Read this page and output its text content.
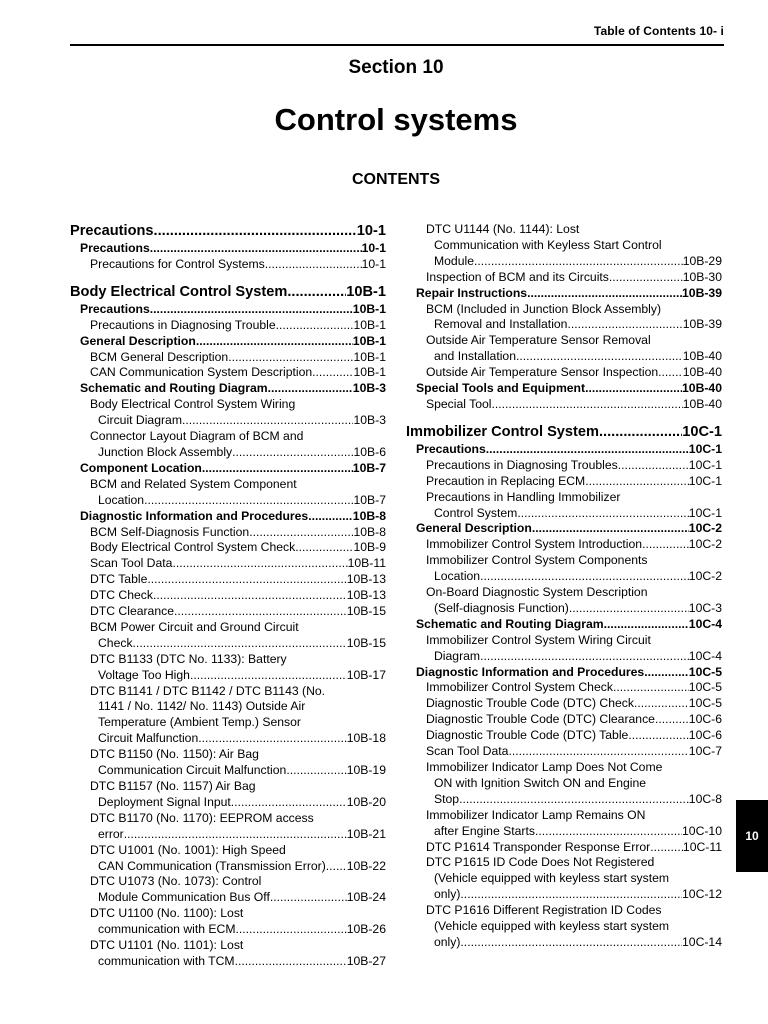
Table of Contents 10- i
Section 10
Control systems
CONTENTS
Precautions .....	10-1
Precautions .....	10-1
Precautions for Control Systems .....	10-1
Body Electrical Control System .....	10B-1
Precautions .....	10B-1
Precautions in Diagnosing Trouble .....	10B-1
General Description .....	10B-1
BCM General Description .....	10B-1
CAN Communication System Description .....	10B-1
Schematic and Routing Diagram .....	10B-3
Body Electrical Control System Wiring
Circuit Diagram .....	10B-3
Connector Layout Diagram of BCM and
Junction Block Assembly .....	10B-6
Component Location .....	10B-7
BCM and Related System Component
Location .....	10B-7
Diagnostic Information and Procedures .....	10B-8
BCM Self-Diagnosis Function .....	10B-8
Body Electrical Control System Check .....	10B-9
Scan Tool Data .....	10B-11
DTC Table .....	10B-13
DTC Check .....	10B-13
DTC Clearance .....	10B-15
BCM Power Circuit and Ground Circuit
Check .....	10B-15
DTC B1133 (DTC No. 1133): Battery
Voltage Too High .....	10B-17
DTC B1141 / DTC B1142 / DTC B1143 (No.
1141 / No. 1142/ No. 1143) Outside Air
Temperature (Ambient Temp.) Sensor
Circuit Malfunction .....	10B-18
DTC B1150 (No. 1150): Air Bag
Communication Circuit Malfunction .....	10B-19
DTC B1157 (No. 1157) Air Bag
Deployment Signal Input .....	10B-20
DTC B1170 (No. 1170): EEPROM access
error .....	10B-21
DTC U1001 (No. 1001): High Speed
CAN Communication (Transmission Error) ..... 10B-22
DTC U1073 (No. 1073): Control
Module Communication Bus Off .....	10B-24
DTC U1100 (No. 1100): Lost
communication with ECM .....	10B-26
DTC U1101 (No. 1101): Lost
communication with TCM .....	10B-27
DTC U1144 (No. 1144): Lost
Communication with Keyless Start Control
Module .....	10B-29
Inspection of BCM and its Circuits .....	10B-30
Repair Instructions .....	10B-39
BCM (Included in Junction Block Assembly)
Removal and Installation .....	10B-39
Outside Air Temperature Sensor Removal
and Installation .....	10B-40
Outside Air Temperature Sensor Inspection ..... 10B-40
Special Tools and Equipment .....	10B-40
Special Tool .....	10B-40
Immobilizer Control System .....	10C-1
Precautions .....	10C-1
Precautions in Diagnosing Troubles .....	10C-1
Precaution in Replacing ECM .....	10C-1
Precautions in Handling Immobilizer
Control System .....	10C-1
General Description .....	10C-2
Immobilizer Control System Introduction .....	10C-2
Immobilizer Control System Components
Location .....	10C-2
On-Board Diagnostic System Description
(Self-diagnosis Function) .....	10C-3
Schematic and Routing Diagram .....	10C-4
Immobilizer Control System Wiring Circuit
Diagram .....	10C-4
Diagnostic Information and Procedures .....	10C-5
Immobilizer Control System Check .....	10C-5
Diagnostic Trouble Code (DTC) Check .....	10C-5
Diagnostic Trouble Code (DTC) Clearance .....	10C-6
Diagnostic Trouble Code (DTC) Table .....	10C-6
Scan Tool Data .....	10C-7
Immobilizer Indicator Lamp Does Not Come
ON with Ignition Switch ON and Engine
Stop .....	10C-8
Immobilizer Indicator Lamp Remains ON
after Engine Starts .....	10C-10
DTC P1614 Transponder Response Error .....	10C-11
DTC P1615 ID Code Does Not Registered
(Vehicle equipped with keyless start system
only) .....	10C-12
DTC P1616 Different Registration ID Codes
(Vehicle equipped with keyless start system
only) .....	10C-14
10
